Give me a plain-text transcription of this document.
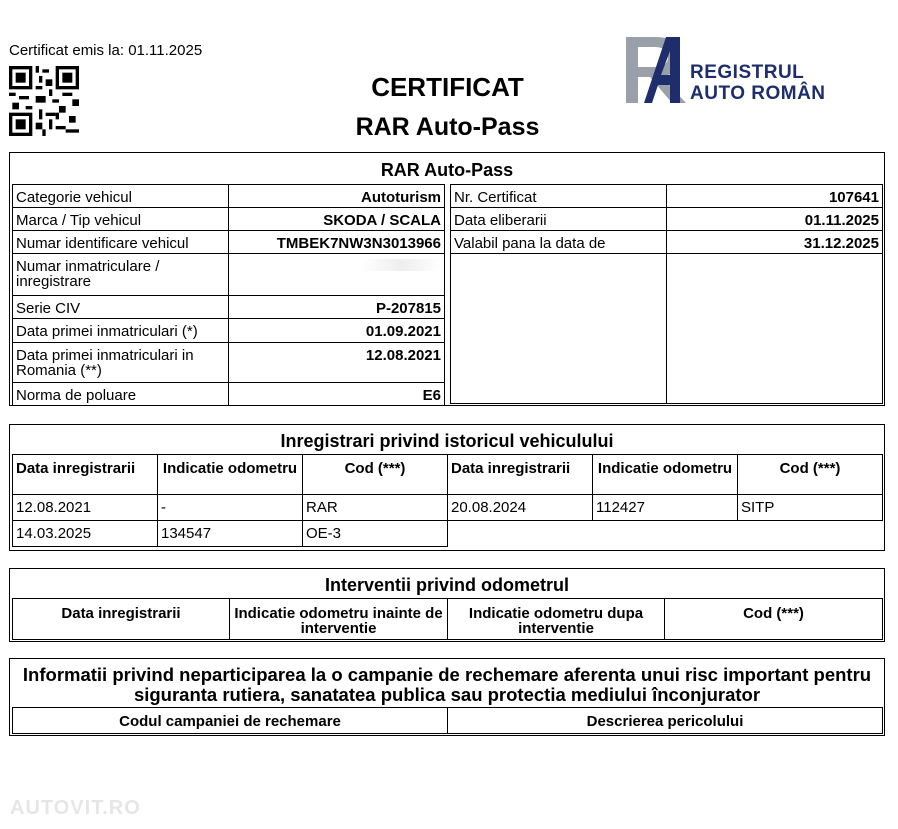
Certificat emis la: 01.11.2025
CERTIFICAT
RAR Auto-Pass
REGISTRUL
AUTO ROMÂN
RAR Auto-Pass
Categorie vehicul	Autoturism
Marca / Tip vehicul	SKODA / SCALA
Numar identificare vehicul	TMBEK7NW3N3013966
Numar inmatriculare / inregistrare	
Serie CIV	P-207815
Data primei inmatriculari (*)	01.09.2021
Data primei inmatriculari in Romania (**)	12.08.2021
Norma de poluare	E6
Nr. Certificat	107641
Data eliberarii	01.11.2025
Valabil pana la data de	31.12.2025

Inregistrari privind istoricul vehiculului
Data inregistrarii	Indicatie odometru	Cod (***)	Data inregistrarii	Indicatie odometru	Cod (***)
12.08.2021	-	RAR	20.08.2024	112427	SITP
14.03.2025	134547	OE-3			
Interventii privind odometrul
Data inregistrarii	Indicatie odometru inainte de interventie	Indicatie odometru dupa interventie	Cod (***)
Informatii privind neparticiparea la o campanie de rechemare aferenta unui risc important pentru siguranta rutiera, sanatatea publica sau protectia mediului înconjurator
Codul campaniei de rechemare	Descrierea pericolului
AUTOVIT.RO
